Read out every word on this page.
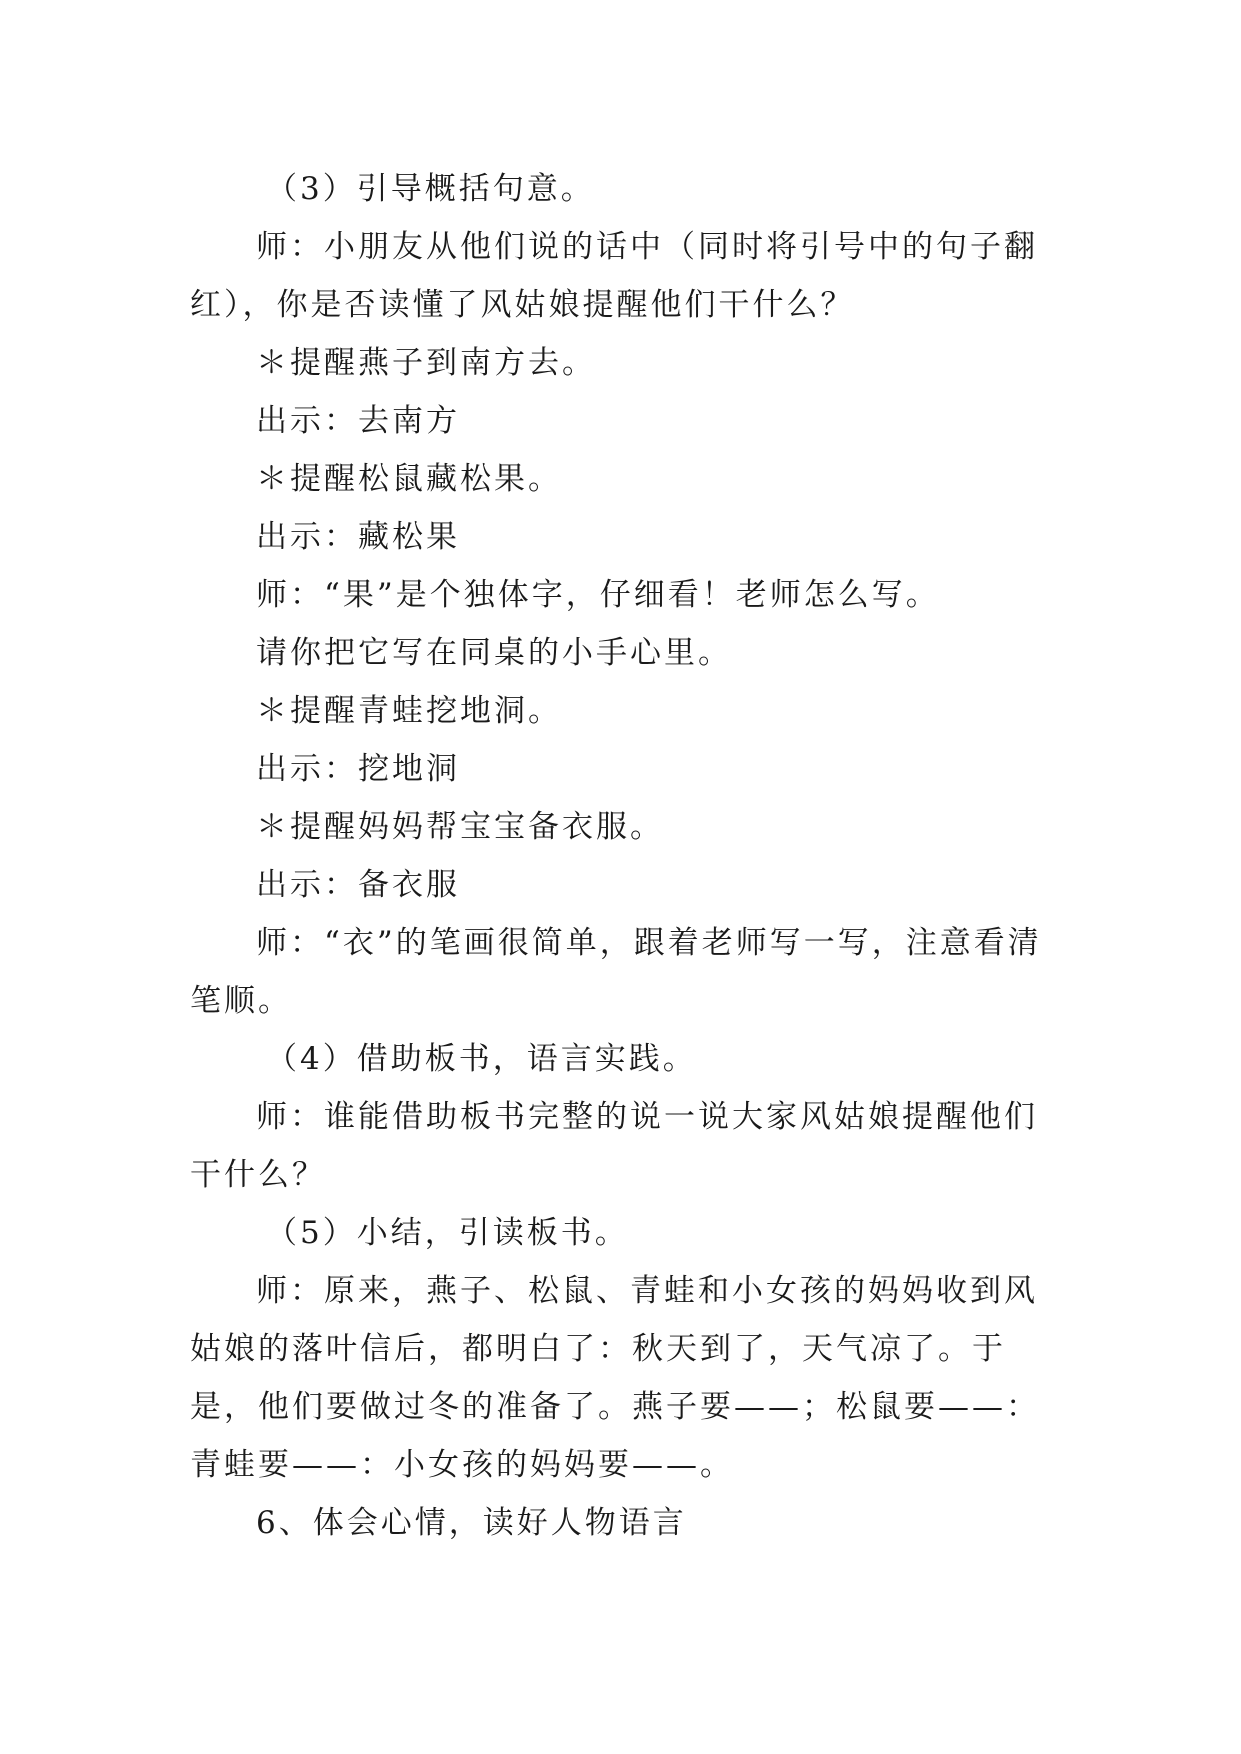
（3）引导概括句意。

师：小朋友从他们说的话中（同时将引号中的句子翻红），你是否读懂了风姑娘提醒他们干什么？

＊提醒燕子到南方去。

出示：去南方

＊提醒松鼠藏松果。

出示：藏松果

师：“果”是个独体字，仔细看！老师怎么写。

请你把它写在同桌的小手心里。

＊提醒青蛙挖地洞。

出示：挖地洞

＊提醒妈妈帮宝宝备衣服。

出示：备衣服

师：“衣”的笔画很简单，跟着老师写一写，注意看清笔顺。

（4）借助板书，语言实践。

师：谁能借助板书完整的说一说大家风姑娘提醒他们干什么？

（5）小结，引读板书。

师：原来，燕子、松鼠、青蛙和小女孩的妈妈收到风姑娘的落叶信后，都明白了：秋天到了，天气凉了。于是，他们要做过冬的准备了。燕子要——；松鼠要——：青蛙要——：小女孩的妈妈要——。

6、体会心情，读好人物语言
